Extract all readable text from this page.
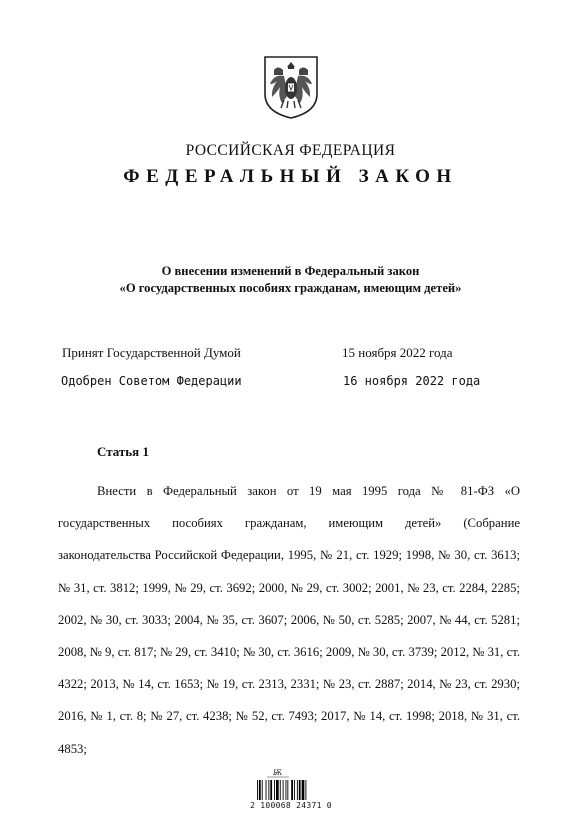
РОССИЙСКАЯ ФЕДЕРАЦИЯ
ФЕДЕРАЛЬНЫЙ ЗАКОН
О внесении изменений в Федеральный закон
«О государственных пособиях гражданам, имеющим детей»
Принят Государственной Думой	15 ноября 2022 года
Одобрен Советом Федерации	16 ноября 2022 года
Статья 1
Внести в Федеральный закон от 19 мая 1995 года № 81-ФЗ «О государственных пособиях гражданам, имеющим детей» (Собрание законодательства Российской Федерации, 1995, № 21, ст. 1929; 1998, № 30, ст. 3613; № 31, ст. 3812; 1999, № 29, ст. 3692; 2000, № 29, ст. 3002; 2001, № 23, ст. 2284, 2285; 2002, № 30, ст. 3033; 2004, № 35, ст. 3607; 2006, № 50, ст. 5285; 2007, № 44, ст. 5281; 2008, № 9, ст. 817; № 29, ст. 3410; № 30, ст. 3616; 2009, № 30, ст. 3739; 2012, № 31, ст. 4322; 2013, № 14, ст. 1653; № 19, ст. 2313, 2331; № 23, ст. 2887; 2014, № 23, ст. 2930; 2016, № 1, ст. 8; № 27, ст. 4238; № 52, ст. 7493; 2017, № 14, ст. 1998; 2018, № 31, ст. 4853;
Ѭ
2 100068 24371 0
